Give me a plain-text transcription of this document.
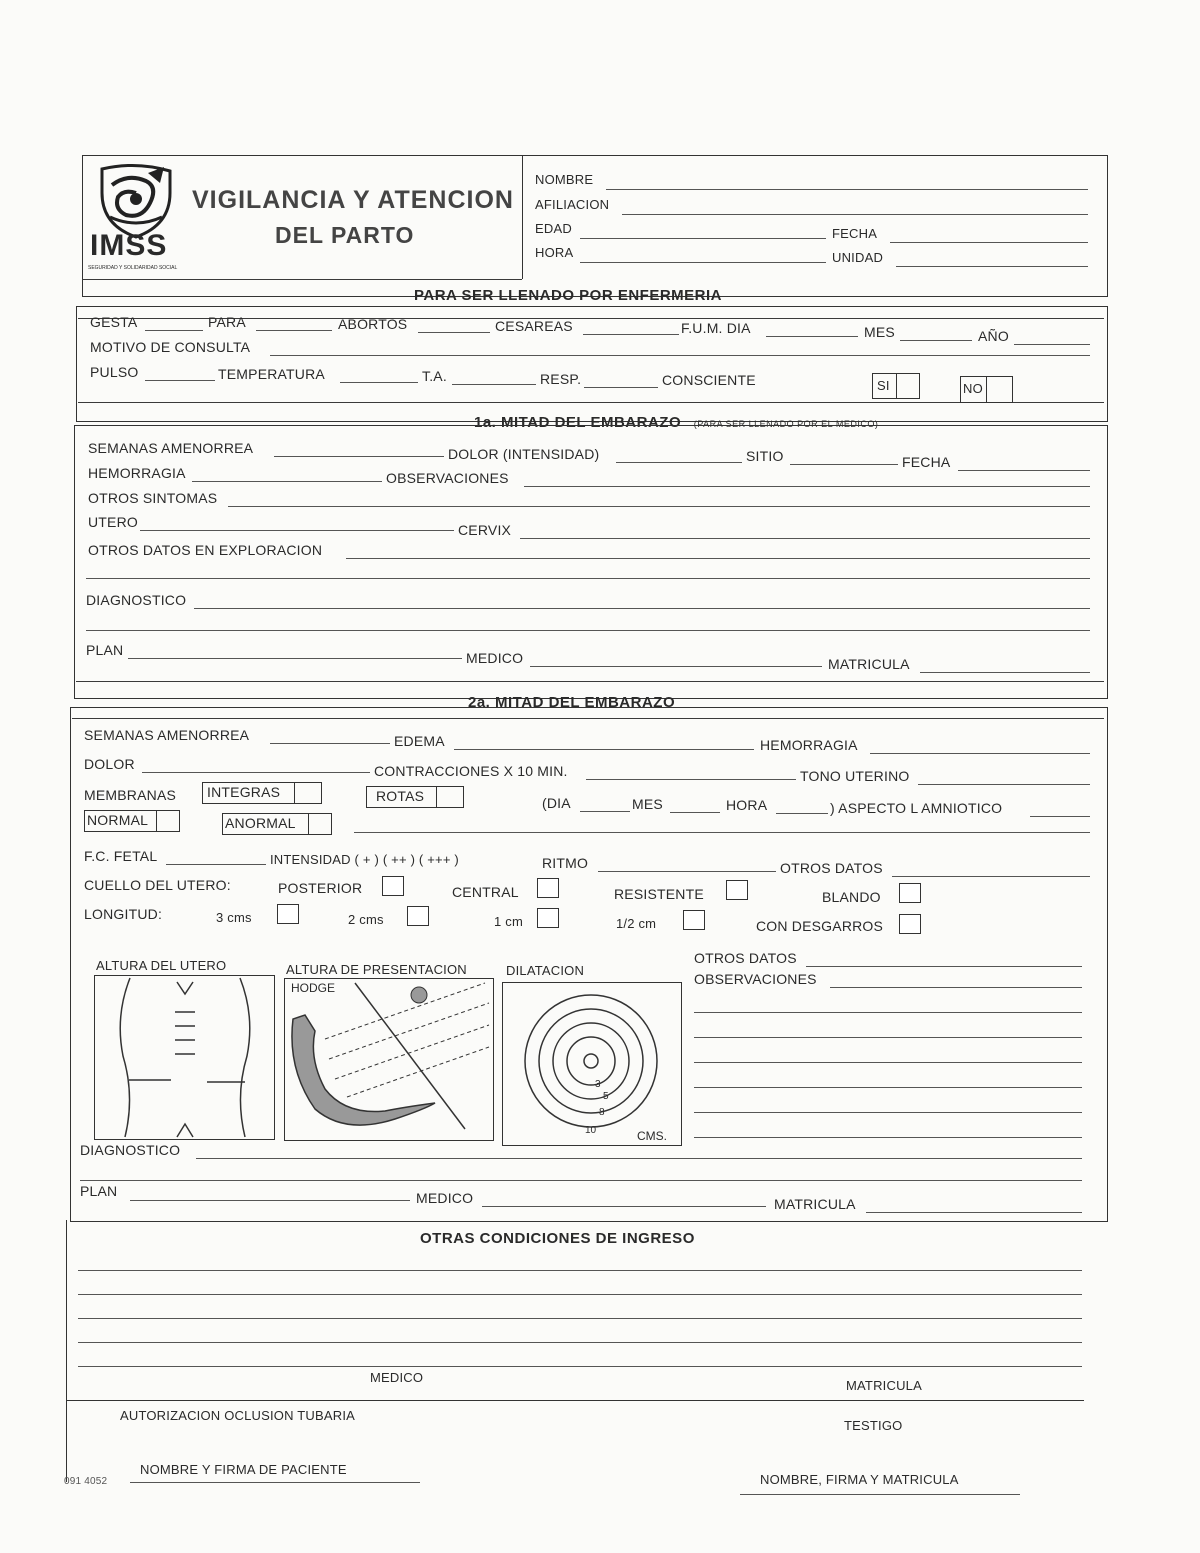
IMSS
SEGURIDAD Y SOLIDARIDAD SOCIAL
VIGILANCIA Y ATENCION
DEL PARTO
NOMBRE
AFILIACION
EDAD	FECHA
HORA	UNIDAD
PARA SER LLENADO POR ENFERMERIA
GESTA	PARA	ABORTOS	CESAREAS	F.U.M. DIA	MES	AÑO
MOTIVO DE CONSULTA
PULSO	TEMPERATURA	T.A.	RESP.	CONSCIENTE	SI	NO
1a. MITAD DEL EMBARAZO (PARA SER LLENADO POR EL MEDICO)
SEMANAS AMENORREA	DOLOR (INTENSIDAD)	SITIO	FECHA
HEMORRAGIA	OBSERVACIONES
OTROS SINTOMAS
UTERO	CERVIX
OTROS DATOS EN EXPLORACION
DIAGNOSTICO
PLAN	MEDICO	MATRICULA
2a. MITAD DEL EMBARAZO
SEMANAS AMENORREA	EDEMA	HEMORRAGIA
DOLOR	CONTRACCIONES X 10 MIN.	TONO UTERINO
MEMBRANAS INTEGRAS	ROTAS	(DIA	MES	HORA	) ASPECTO L AMNIOTICO
NORMAL	ANORMAL
F.C. FETAL	INTENSIDAD ( + ) ( ++ ) ( +++ )	RITMO	OTROS DATOS
CUELLO DEL UTERO:	POSTERIOR	CENTRAL	RESISTENTE	BLANDO
LONGITUD:	3 cms	2 cms	1 cm	1/2 cm	CON DESGARROS
ALTURA DEL UTERO	ALTURA DE PRESENTACION	DILATACION
HODGE
3
5
8
10	CMS.
OTROS DATOS
OBSERVACIONES
DIAGNOSTICO
PLAN	MEDICO	MATRICULA
OTRAS CONDICIONES DE INGRESO
MEDICO
MATRICULA
AUTORIZACION OCLUSION TUBARIA
TESTIGO
NOMBRE Y FIRMA DE PACIENTE
NOMBRE, FIRMA Y MATRICULA
091 4052
